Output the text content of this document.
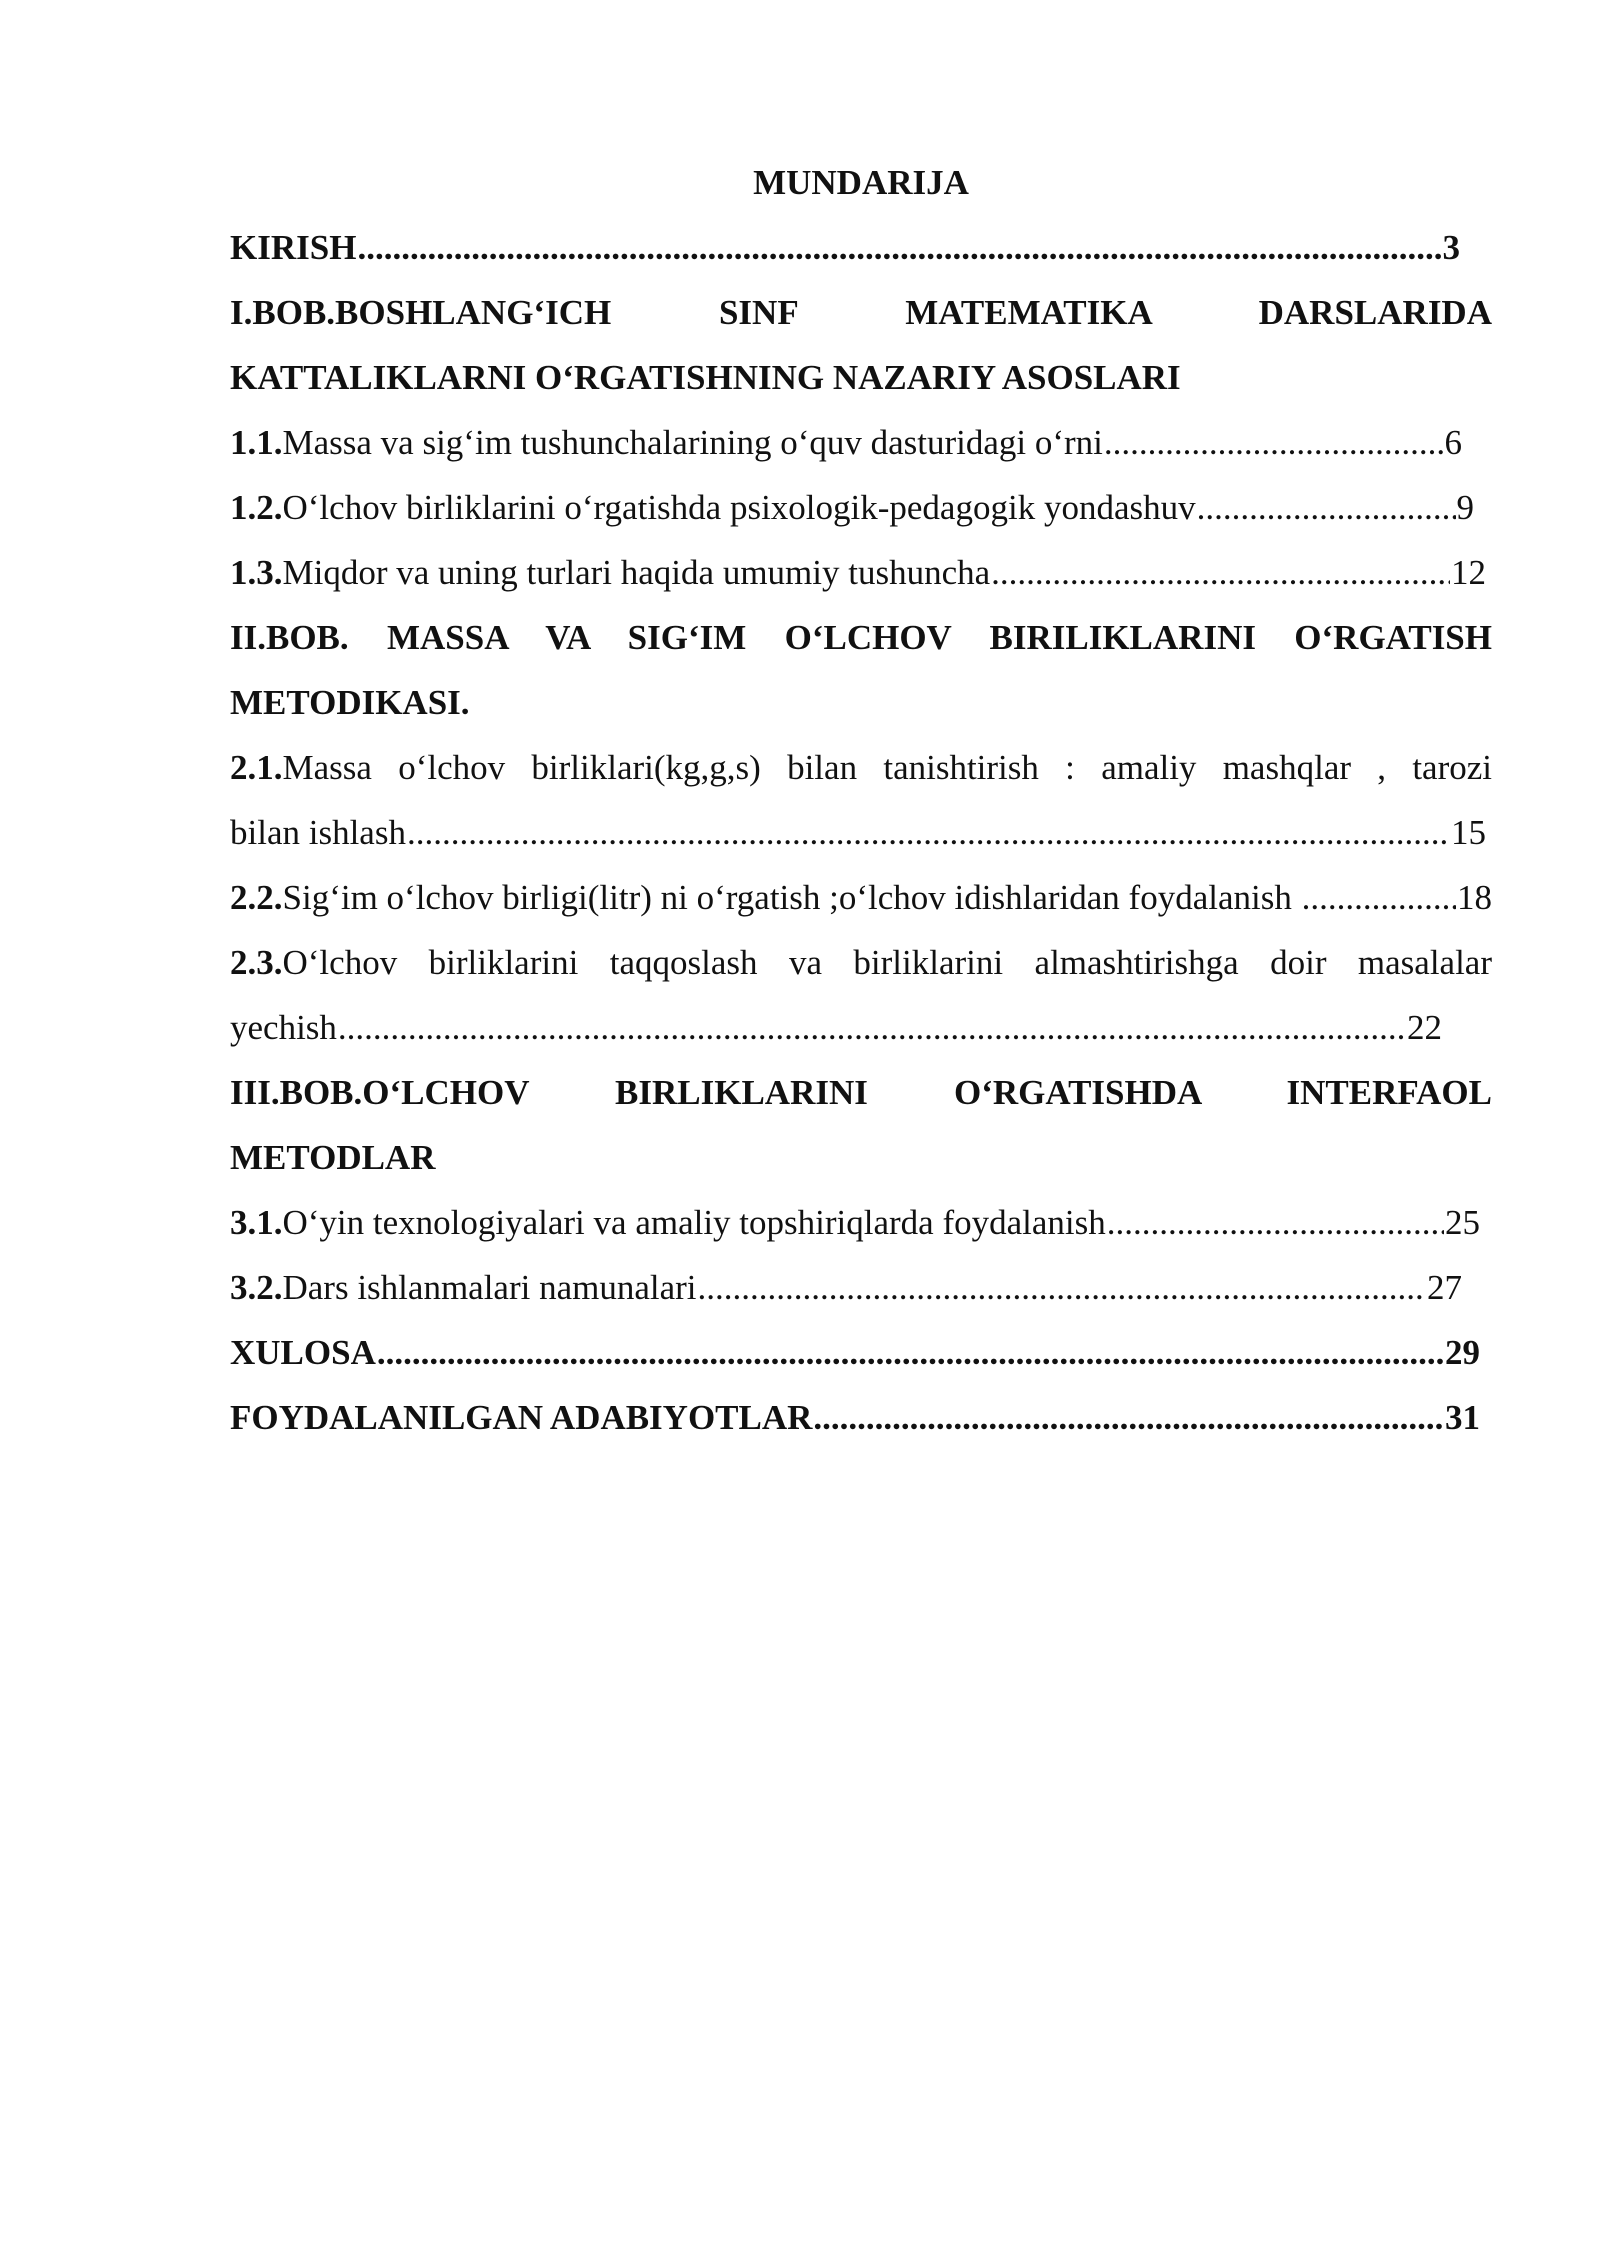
MUNDARIJA
KIRISH .....	3
I.BOB.BOSHLANG‘ICH SINF MATEMATIKA DARSLARIDA
KATTALIKLARNI O‘RGATISHNING NAZARIY ASOSLARI
1.1.Massa va sig‘im tushunchalarining o‘quv dasturidagi o‘rni .....	6
1.2.O‘lchov birliklarini o‘rgatishda psixologik-pedagogik yondashuv .....	9
1.3.Miqdor va uning turlari haqida umumiy tushuncha .....	12
II.BOB. MASSA VA SIG‘IM O‘LCHOV BIRILIKLARINI O‘RGATISH
METODIKASI.
2.1.Massa o‘lchov birliklari(kg,g,s) bilan tanishtirish : amaliy mashqlar , tarozi
bilan ishlash .....	15
2.2.Sig‘im o‘lchov birligi(litr) ni o‘rgatish ;o‘lchov idishlaridan foydalanish .....	18
2.3.O‘lchov birliklarini taqqoslash va birliklarini almashtirishga doir masalalar
yechish .....	22
III.BOB.O‘LCHOV BIRLIKLARINI O‘RGATISHDA INTERFAOL
METODLAR
3.1.O‘yin texnologiyalari va amaliy topshiriqlarda foydalanish .....	25
3.2.Dars ishlanmalari namunalari .....	27
XULOSA .....	29
FOYDALANILGAN ADABIYOTLAR .....	31
